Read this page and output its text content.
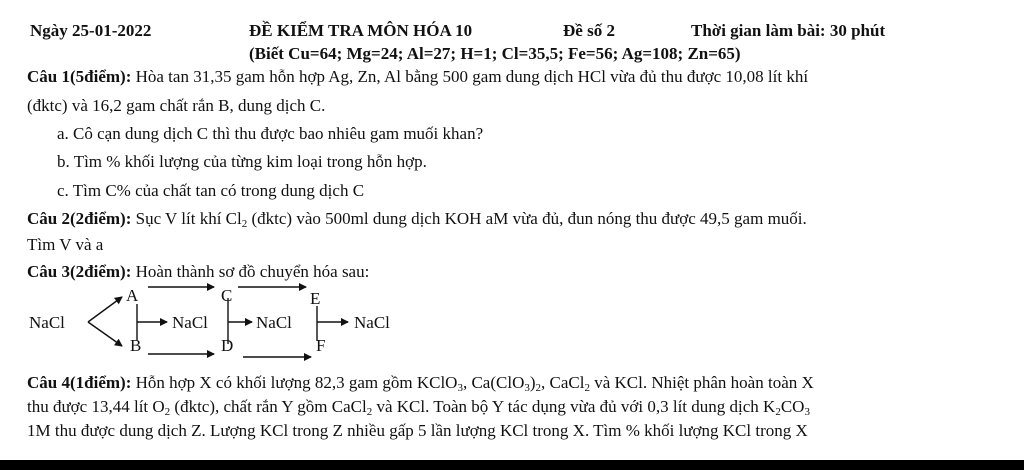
Ngày 25-01-2022	ĐỀ KIỂM TRA MÔN HÓA 10	Đề số 2	Thời gian làm bài: 30 phút
(Biết Cu=64; Mg=24; Al=27; H=1; Cl=35,5; Fe=56; Ag=108; Zn=65)
Câu 1(5điểm): Hòa tan 31,35 gam hỗn hợp Ag, Zn, Al bằng 500 gam dung dịch HCl vừa đủ thu được 10,08 lít khí
(đktc) và 16,2 gam chất rắn B, dung dịch C.
a. Cô cạn dung dịch C thì thu được bao nhiêu gam muối khan?
b. Tìm % khối lượng của từng kim loại trong hỗn hợp.
c. Tìm C% của chất tan có trong dung dịch C
Câu 2(2điểm): Sục V lít khí $Cl_2$ (đktc) vào 500ml dung dịch KOH aM vừa đủ, đun nóng thu được 49,5 gam muối.
Tìm V và a
Câu 3(2điểm): Hoàn thành sơ đồ chuyển hóa sau:
NaCl
A
B
NaCl
C
D
NaCl
E
F
NaCl
Câu 4(1điểm): Hỗn hợp X có khối lượng 82,3 gam gồm KClO$_3$, $Ca(ClO_3)_2$, CaCl$_2$ và KCl. Nhiệt phân hoàn toàn X
thu được 13,44 lít $O_2$ (đktc), chất rắn Y gồm CaCl$_2$ và KCl. Toàn bộ Y tác dụng vừa đủ với 0,3 lít dung dịch $K_2CO_3$
1M thu được dung dịch Z. Lượng KCl trong Z nhiều gấp 5 lần lượng KCl trong X. Tìm % khối lượng KCl trong X
